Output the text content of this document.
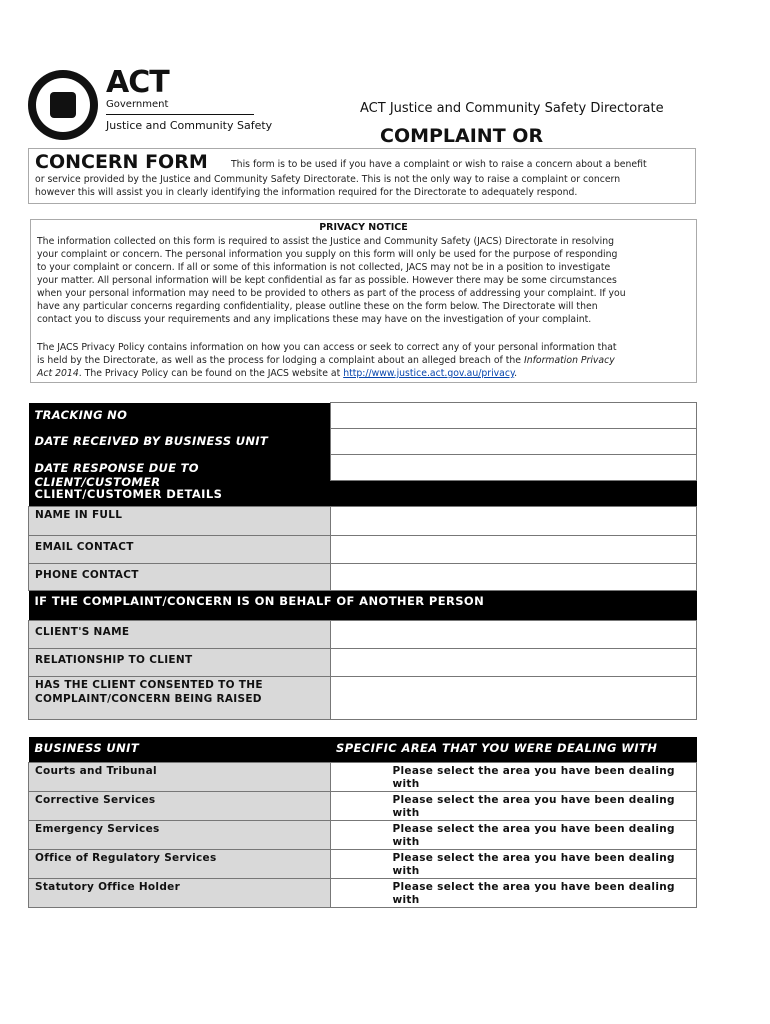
ACT
Government
Justice and Community Safety
ACT Justice and Community Safety Directorate
COMPLAINT OR
CONCERN FORM	This form is to be used if you have a complaint or wish to raise a concern about a benefit
or service provided by the Justice and Community Safety Directorate. This is not the only way to raise a complaint or concern
however this will assist you in clearly identifying the information required for the Directorate to adequately respond.
PRIVACY NOTICE
The information collected on this form is required to assist the Justice and Community Safety (JACS) Directorate in resolving
your complaint or concern. The personal information you supply on this form will only be used for the purpose of responding
to your complaint or concern. If all or some of this information is not collected, JACS may not be in a position to investigate
your matter. All personal information will be kept confidential as far as possible. However there may be some circumstances
when your personal information may need to be provided to others as part of the process of addressing your complaint. If you
have any particular concerns regarding confidentiality, please outline these on the form below. The Directorate will then
contact you to discuss your requirements and any implications these may have on the investigation of your complaint.
The JACS Privacy Policy contains information on how you can access or seek to correct any of your personal information that
is held by the Directorate, as well as the process for lodging a complaint about an alleged breach of the Information Privacy
Act 2014. The Privacy Policy can be found on the JACS website at http://www.justice.act.gov.au/privacy.
TRACKING NO	
DATE RECEIVED BY BUSINESS UNIT	

DATE RESPONSE DUE TO CLIENT/CUSTOMER	

CLIENT/CUSTOMER DETAILS	
NAME IN FULL	
EMAIL CONTACT	
PHONE CONTACT	
IF THE COMPLAINT/CONCERN IS ON BEHALF OF ANOTHER PERSON	
CLIENT'S NAME	
RELATIONSHIP TO CLIENT	

HAS THE CLIENT CONSENTED TO THE
COMPLAINT/CONCERN BEING RAISED	

BUSINESS UNIT	SPECIFIC AREA THAT YOU WERE DEALING WITH
Courts and Tribunal	Please select the area you have been dealing with
Corrective Services	Please select the area you have been dealing with
Emergency Services	Please select the area you have been dealing with
Office of Regulatory Services	Please select the area you have been dealing with
Statutory Office Holder	Please select the area you have been dealing with
